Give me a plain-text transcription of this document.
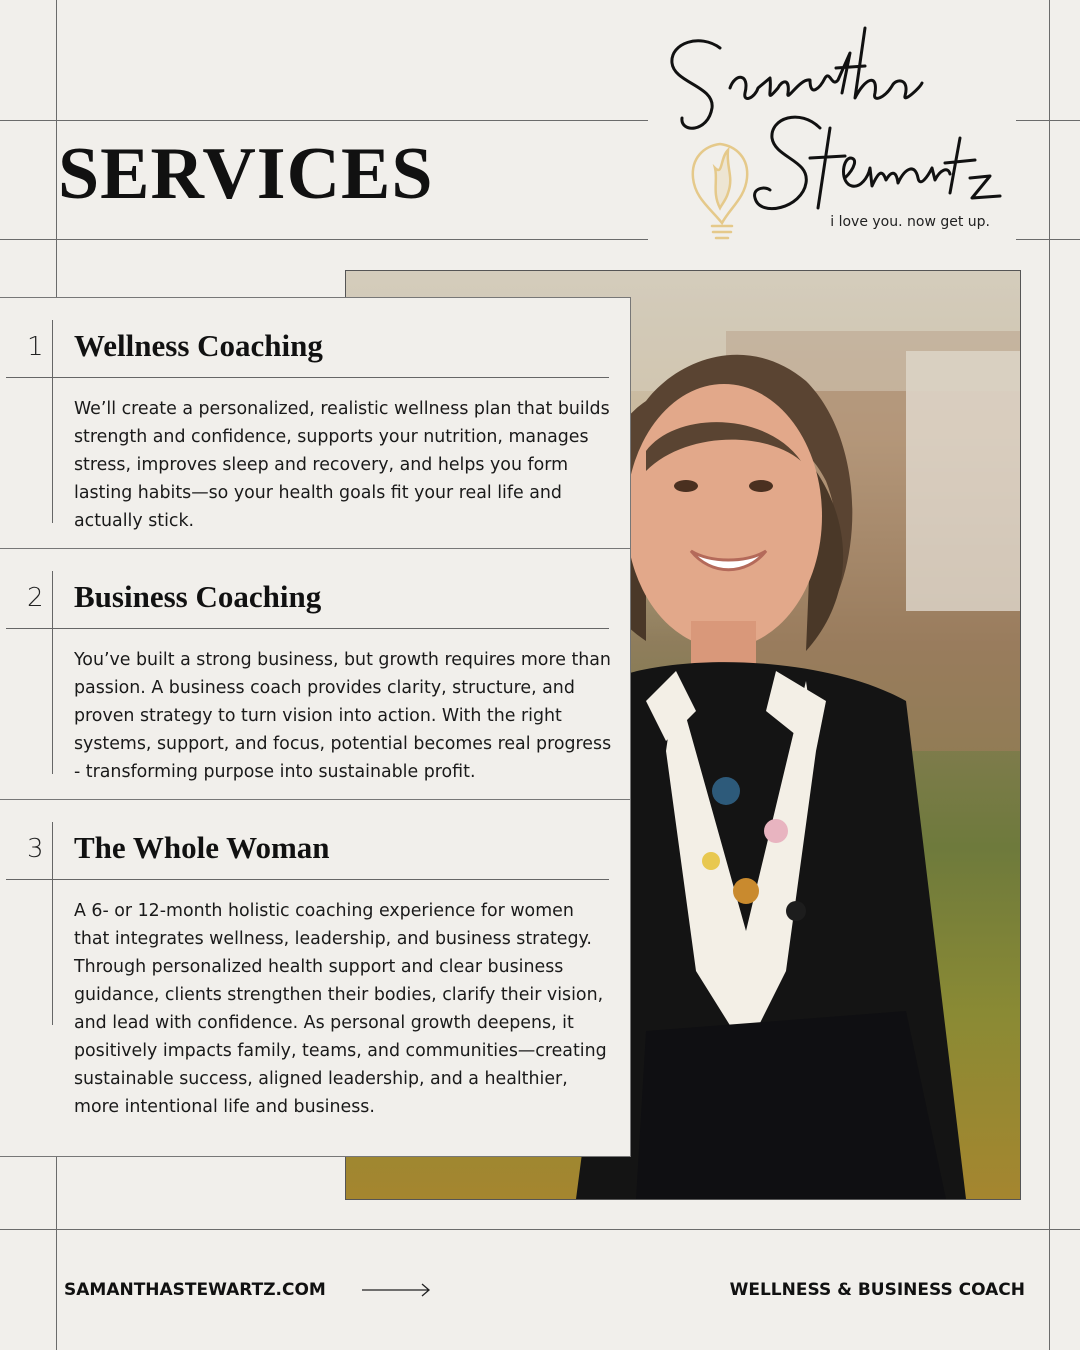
SERVICES
i love you. now get up.
1 Wellness Coaching

We’ll create a personalized, realistic wellness plan that builds strength and confidence, supports your nutrition, manages stress, improves sleep and recovery, and helps you form lasting habits—so your health goals fit your real life and actually stick.

2 Business Coaching

You’ve built a strong business, but growth requires more than passion. A business coach provides clarity, structure, and proven strategy to turn vision into action. With the right systems, support, and focus, potential becomes real progress - transforming purpose into sustainable profit.

3 The Whole Woman

A 6- or 12-month holistic coaching experience for women that integrates wellness, leadership, and business strategy. Through personalized health support and clear business guidance, clients strengthen their bodies, clarify their vision, and lead with confidence. As personal growth deepens, it positively impacts family, teams, and communities—creating sustainable success, aligned leadership, and a healthier, more intentional life and business.

SAMANTHASTEWARTZ.COM	WELLNESS & BUSINESS COACH
